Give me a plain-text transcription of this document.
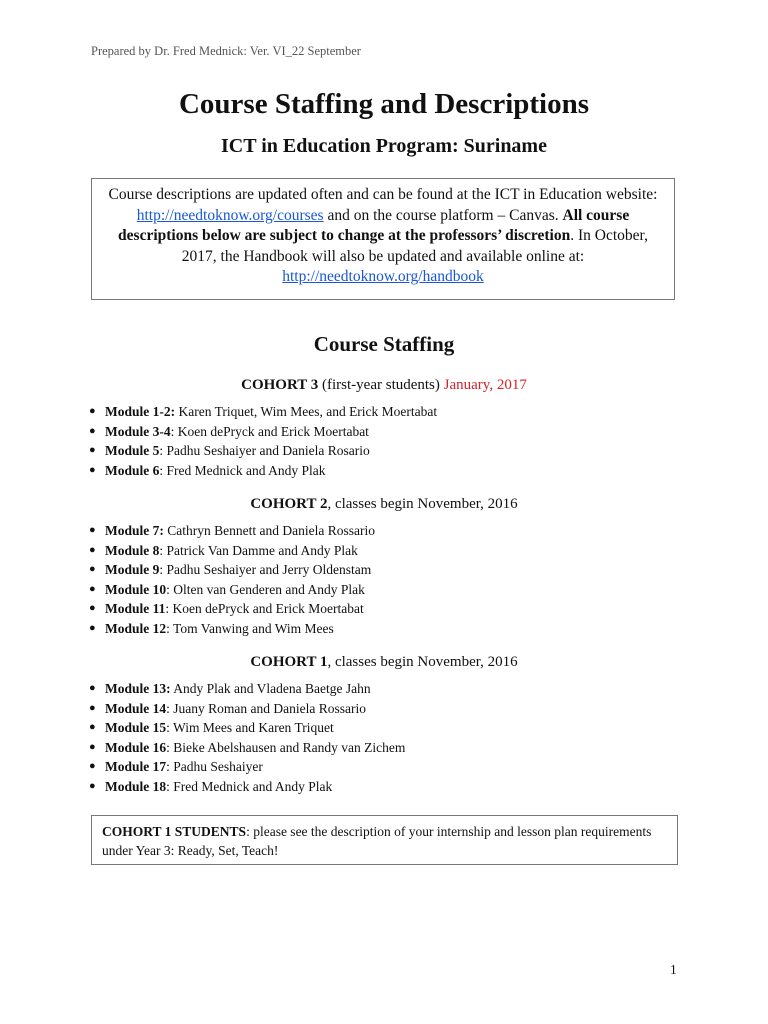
Prepared by Dr. Fred Mednick: Ver. VI_22 September
Course Staffing and Descriptions
ICT in Education Program: Suriname
Course descriptions are updated often and can be found at the ICT in Education website: http://needtoknow.org/courses and on the course platform – Canvas. All course descriptions below are subject to change at the professors’ discretion. In October, 2017, the Handbook will also be updated and available online at: http://needtoknow.org/handbook
Course Staffing
COHORT 3 (first-year students) January, 2017
● Module 1-2: Karen Triquet, Wim Mees, and Erick Moertabat
● Module 3-4: Koen dePryck and Erick Moertabat
● Module 5: Padhu Seshaiyer and Daniela Rosario
● Module 6: Fred Mednick and Andy Plak
COHORT 2, classes begin November, 2016
● Module 7: Cathryn Bennett and Daniela Rossario
● Module 8: Patrick Van Damme and Andy Plak
● Module 9: Padhu Seshaiyer and Jerry Oldenstam
● Module 10: Olten van Genderen and Andy Plak
● Module 11: Koen dePryck and Erick Moertabat
● Module 12: Tom Vanwing and Wim Mees
COHORT 1, classes begin November, 2016
● Module 13: Andy Plak and Vladena Baetge Jahn
● Module 14: Juany Roman and Daniela Rossario
● Module 15: Wim Mees and Karen Triquet
● Module 16: Bieke Abelshausen and Randy van Zichem
● Module 17: Padhu Seshaiyer
● Module 18: Fred Mednick and Andy Plak
COHORT 1 STUDENTS: please see the description of your internship and lesson plan requirements under Year 3: Ready, Set, Teach!
1
